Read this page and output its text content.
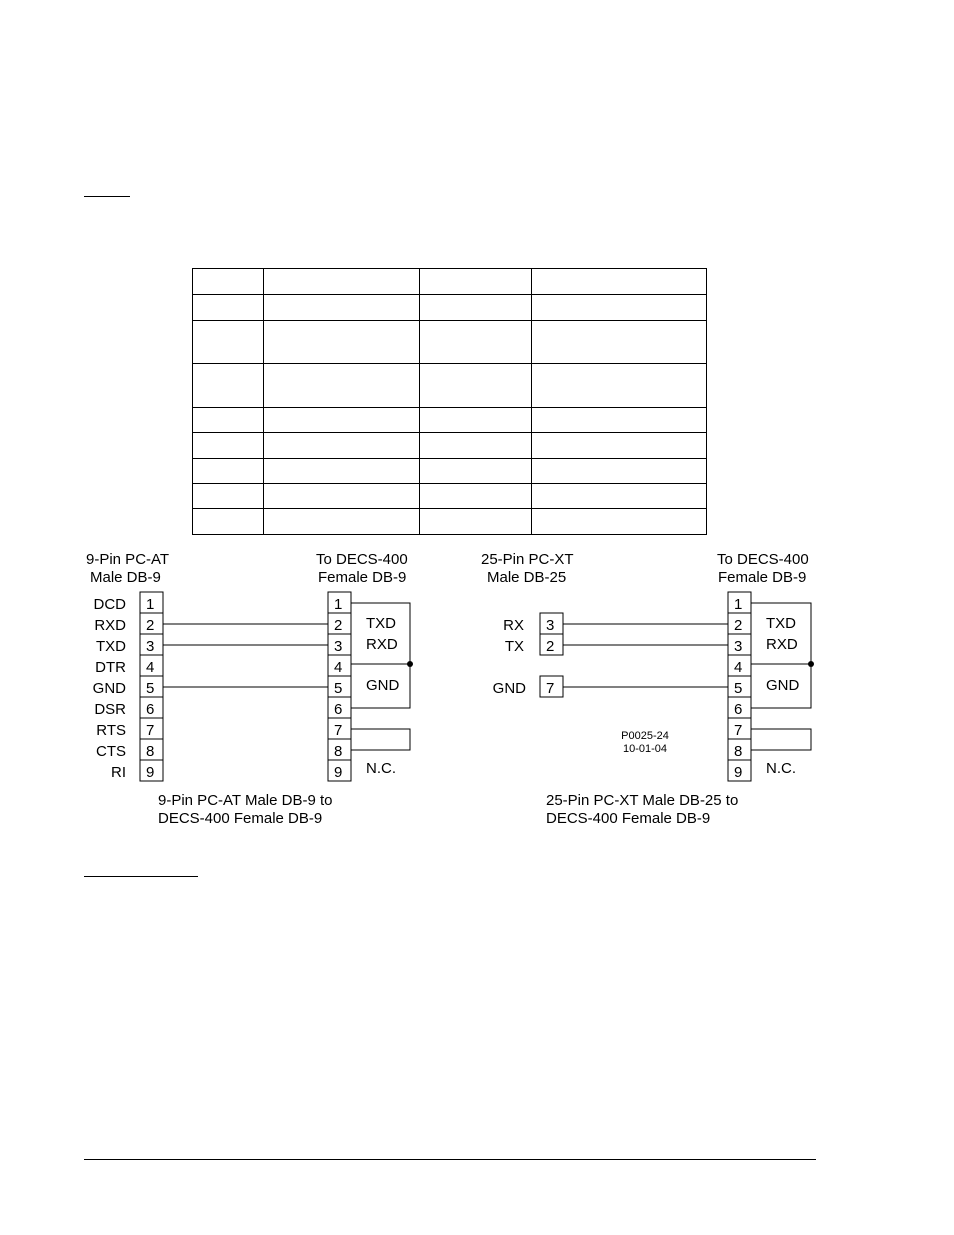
9-Pin PC-AT
Male DB-9
To DECS-400
Female DB-9
DCD
RXD
TXD
DTR
GND
DSR
RTS
CTS
RI
1
2
3
4
5
6
7
8
9
1
2
3
4
5
6
7
8
9
TXD
RXD
GND
N.C.
9-Pin PC-AT Male DB-9 to
DECS-400 Female DB-9
25-Pin PC-XT
Male DB-25
To DECS-400
Female DB-9
RX
TX
GND
3
2
7
1
2
3
4
5
6
7
8
9
TXD
RXD
GND
N.C.
P0025-24
10-01-04
25-Pin PC-XT Male DB-25 to
DECS-400 Female DB-9
